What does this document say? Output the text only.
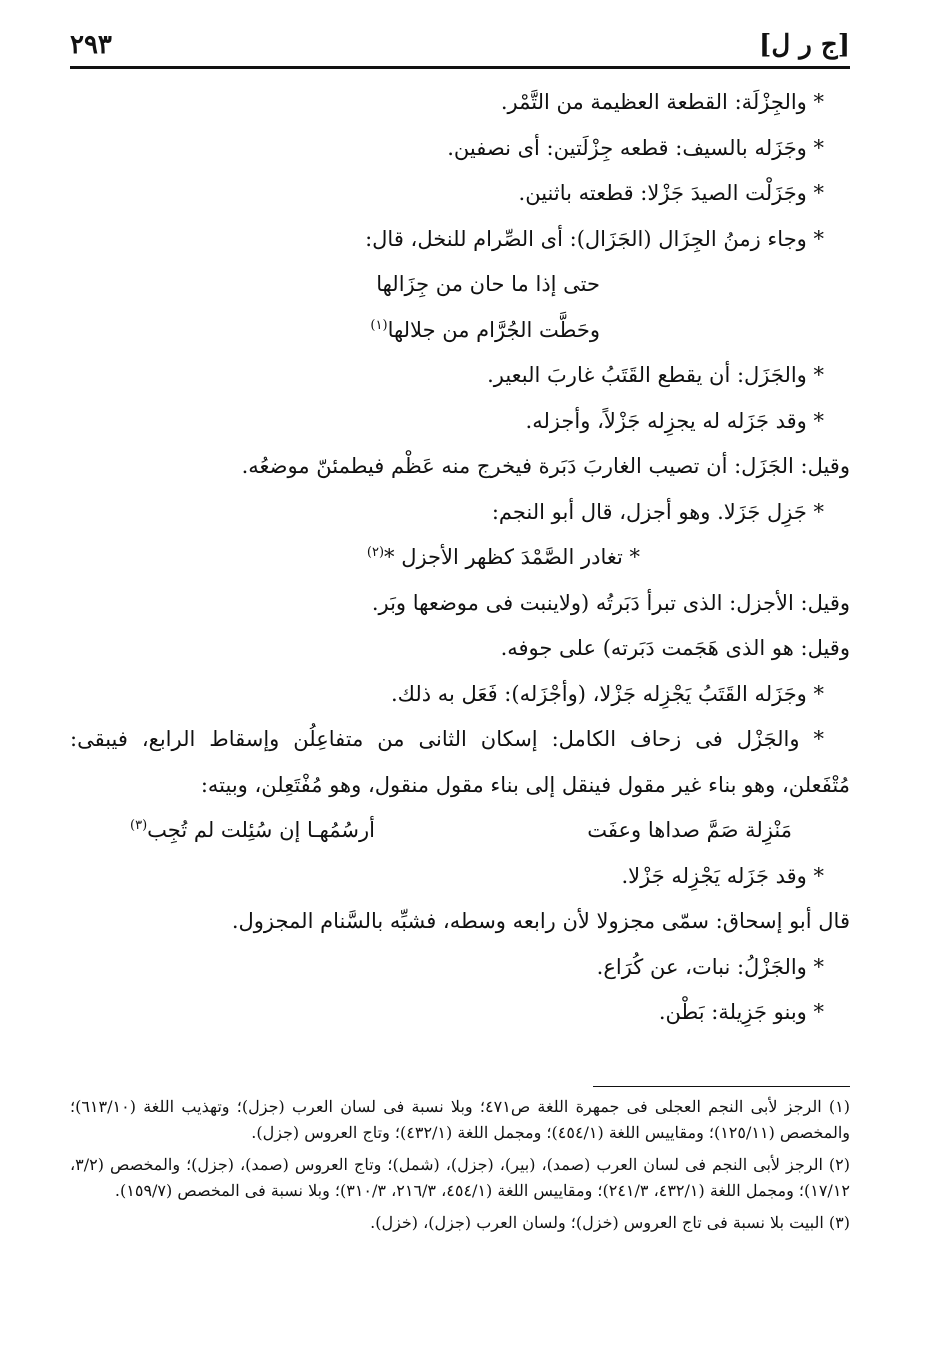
٢٩٣	[ج ر ل]
* والجِزْلَة: القطعة العظيمة من التَّمْر.
* وجَزَله بالسيف: قطعه جِزْلَتين: أى نصفين.
* وجَزَلْت الصيدَ جَزْلا: قطعته باثنين.
* وجاء زمنُ الجِزَال (الجَزَال): أى الصِّرام للنخل، قال:
حتى إذا ما حان من جِزَالها
وحَطَّت الجُرَّام من جلالها$^{(١)}$
* والجَزَل: أن يقطع القَتَبُ غاربَ البعير.
* وقد جَزَله له يجزِله جَزْلاً، وأجزله.
وقيل: الجَزَل: أن تصيب الغاربَ دَبَرة فيخرج منه عَظْم فيطمئنّ موضعُه.
* جَزِل جَزَلا. وهو أجزل، قال أبو النجم:
* تغادر الصَّمْدَ كظهر الأجزل *$^{(٢)}$
وقيل: الأجزل: الذى تبرأ دَبَرتُه (ولاينبت فى موضعها وبَر.
وقيل: هو الذى هَجَمت دَبَرته) على جوفه.
* وجَزَله القَتَبُ يَجْزِله جَزْلا، (وأجْزَله): فَعَل به ذلك.
* والجَزْل فى زحاف الكامل: إسكان الثانى من متفاعِلُن وإسقاط الرابع، فيبقى:
مُتْفَعلن، وهو بناء غير مقول فينقل إلى بناء مقول منقول، وهو مُفْتَعِلن، وبيته:
مَنْزِلة صَمَّ صداها وعفَت
أرسُمُهـا إن سُئِلت لم تُجِب$^{(٣)}$
* وقد جَزَله يَجْزِله جَزْلا.
قال أبو إسحاق: سمّى مجزولا لأن رابعه وسطه، فشبِّه بالسَّنام المجزول.
* والجَزْلُ: نبات، عن كُرَاع.
* وبنو جَزِيلة: بَطْن.
(١) الرجز لأبى النجم العجلى فى جمهرة اللغة ص٤٧١؛ وبلا نسبة فى لسان العرب (جزل)؛ وتهذيب اللغة (٦١٣/١٠)؛ والمخصص (١٢٥/١١)؛ ومقاييس اللغة (٤٥٤/١)؛ ومجمل اللغة (٤٣٢/١)؛ وتاج العروس (جزل).
(٢) الرجز لأبى النجم فى لسان العرب (صمد)، (بير)، (جزل)، (شمل)؛ وتاج العروس (صمد)، (جزل)؛ والمخصص (٣/٢، ١٧/١٢)؛ ومجمل اللغة (٤٣٢/١، ٢٤١/٣)؛ ومقاييس اللغة (٤٥٤/١، ٢١٦/٣، ٣١٠/٣)؛ وبلا نسبة فى المخصص (١٥٩/٧).
(٣) البيت بلا نسبة فى تاج العروس (خزل)؛ ولسان العرب (جزل)، (خزل).
